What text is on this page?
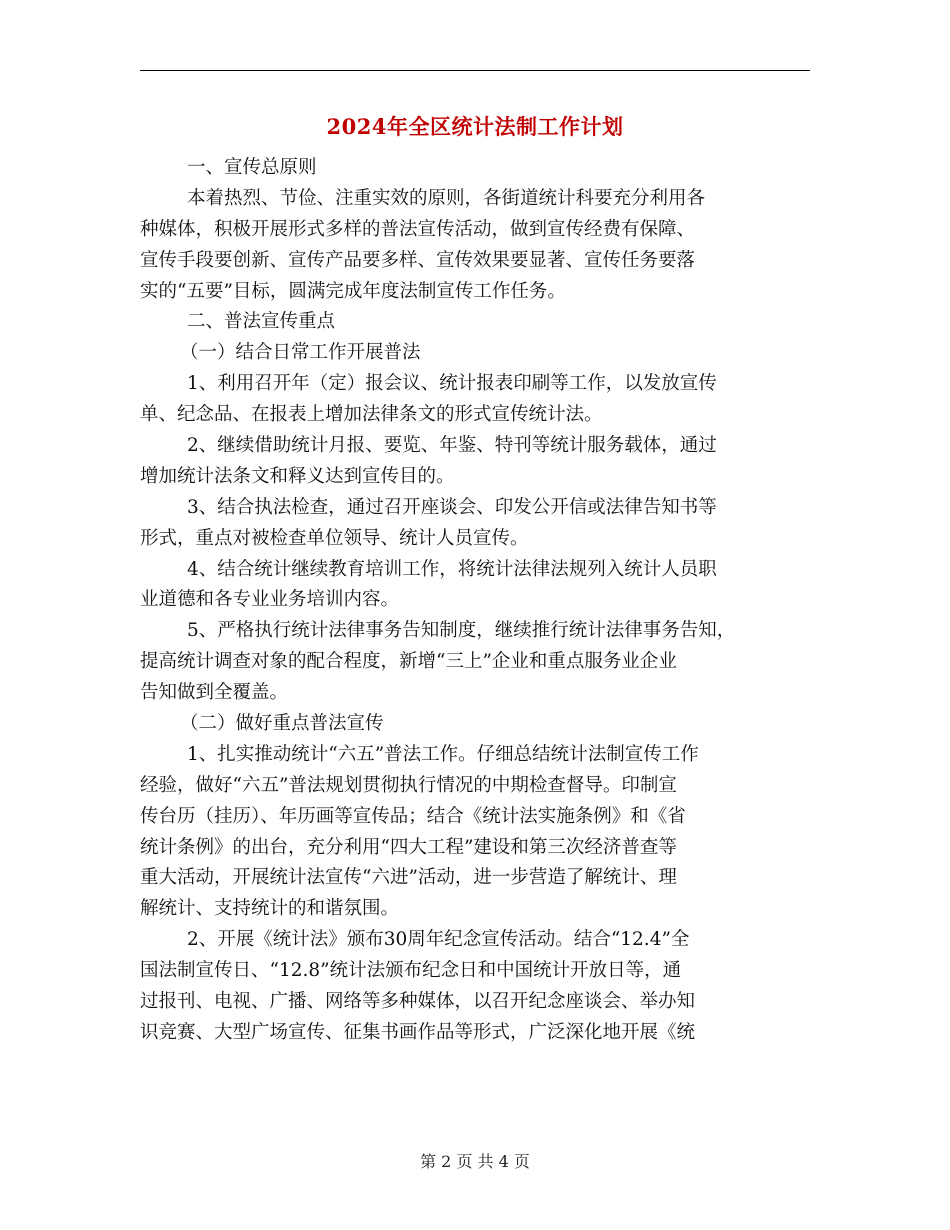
2024年全区统计法制工作计划
一、宣传总原则
本着热烈、节俭、注重实效的原则，各街道统计科要充分利用各
种媒体，积极开展形式多样的普法宣传活动，做到宣传经费有保障、
宣传手段要创新、宣传产品要多样、宣传效果要显著、宣传任务要落
实的“五要”目标，圆满完成年度法制宣传工作任务。
二、普法宣传重点
（一）结合日常工作开展普法
1、利用召开年（定）报会议、统计报表印刷等工作，以发放宣传
单、纪念品、在报表上增加法律条文的形式宣传统计法。
2、继续借助统计月报、要览、年鉴、特刊等统计服务载体，通过
增加统计法条文和释义达到宣传目的。
3、结合执法检查，通过召开座谈会、印发公开信或法律告知书等
形式，重点对被检查单位领导、统计人员宣传。
4、结合统计继续教育培训工作，将统计法律法规列入统计人员职
业道德和各专业业务培训内容。
5、严格执行统计法律事务告知制度，继续推行统计法律事务告知，
提高统计调查对象的配合程度，新增“三上”企业和重点服务业企业
告知做到全覆盖。
（二）做好重点普法宣传
1、扎实推动统计“六五”普法工作。仔细总结统计法制宣传工作
经验，做好“六五”普法规划贯彻执行情况的中期检查督导。印制宣
传台历（挂历）、年历画等宣传品；结合《统计法实施条例》和《省
统计条例》的出台，充分利用“四大工程”建设和第三次经济普查等
重大活动，开展统计法宣传“六进”活动，进一步营造了解统计、理
解统计、支持统计的和谐氛围。
2、开展《统计法》颁布30周年纪念宣传活动。结合“12.4”全
国法制宣传日、“12.8”统计法颁布纪念日和中国统计开放日等，通
过报刊、电视、广播、网络等多种媒体，以召开纪念座谈会、举办知
识竞赛、大型广场宣传、征集书画作品等形式，广泛深化地开展《统
第 2 页 共 4 页
